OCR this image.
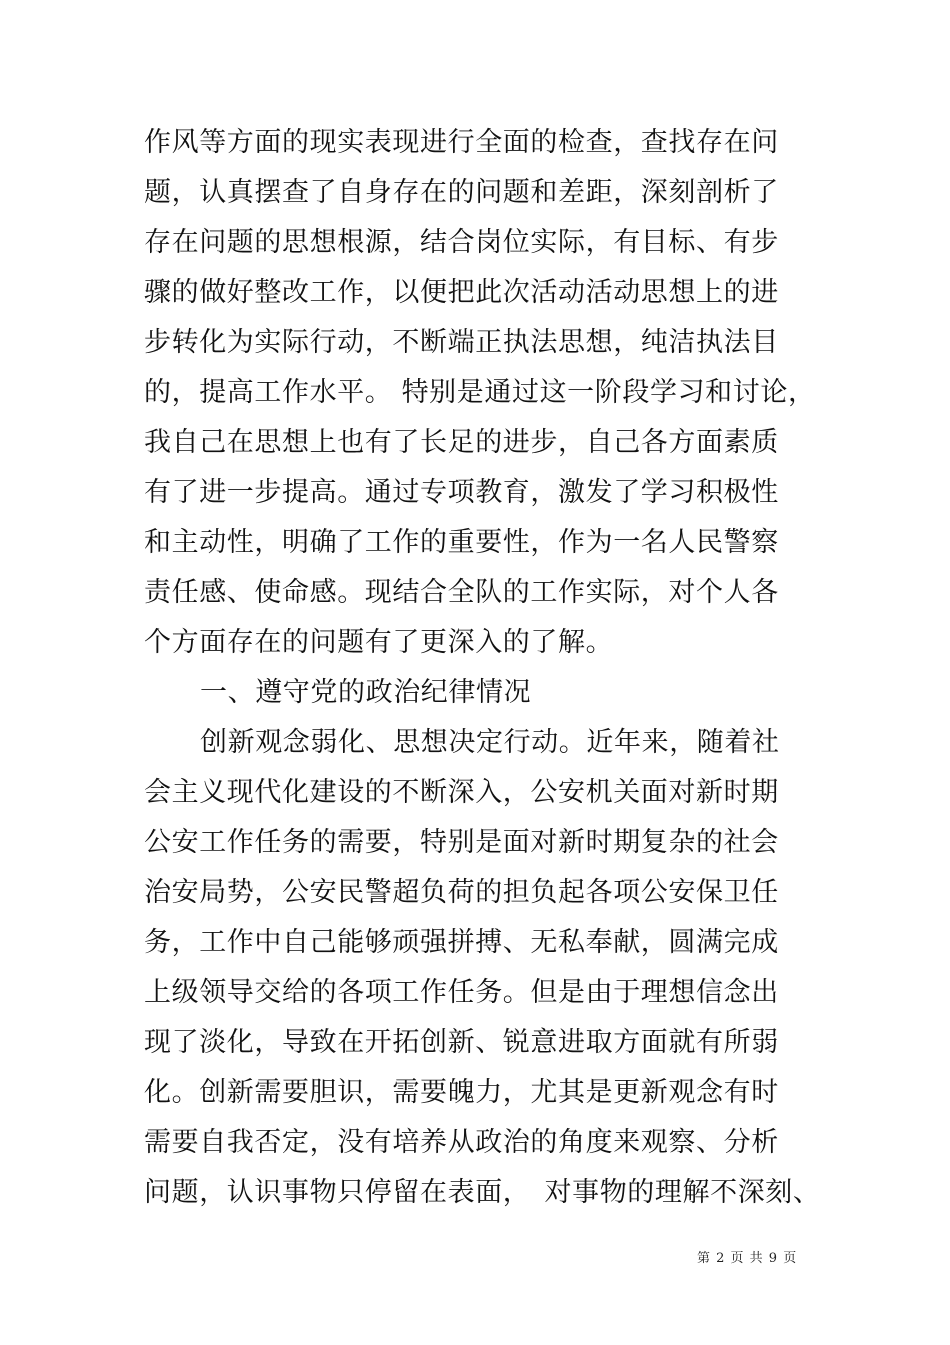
作风等方面的现实表现进行全面的检查，查找存在问

题，认真摆查了自身存在的问题和差距，深刻剖析了

存在问题的思想根源，结合岗位实际，有目标、有步

骤的做好整改工作，以便把此次活动活动思想上的进

步转化为实际行动，不断端正执法思想，纯洁执法目

的，提高工作水平。 特别是通过这一阶段学习和讨论，

我自己在思想上也有了长足的进步，自己各方面素质

有了进一步提高。通过专项教育，激发了学习积极性

和主动性，明确了工作的重要性，作为一名人民警察

责任感、使命感。现结合全队的工作实际，对个人各

个方面存在的问题有了更深入的了解。

一、遵守党的政治纪律情况

创新观念弱化、思想决定行动。近年来，随着社

会主义现代化建设的不断深入，公安机关面对新时期

公安工作任务的需要，特别是面对新时期复杂的社会

治安局势，公安民警超负荷的担负起各项公安保卫任

务，工作中自己能够顽强拼搏、无私奉献，圆满完成

上级领导交给的各项工作任务。但是由于理想信念出

现了淡化，导致在开拓创新、锐意进取方面就有所弱

化。创新需要胆识，需要魄力，尤其是更新观念有时

需要自我否定，没有培养从政治的角度来观察、分析

问题，认识事物只停留在表面，　对事物的理解不深刻、

第 2 页 共 9 页
